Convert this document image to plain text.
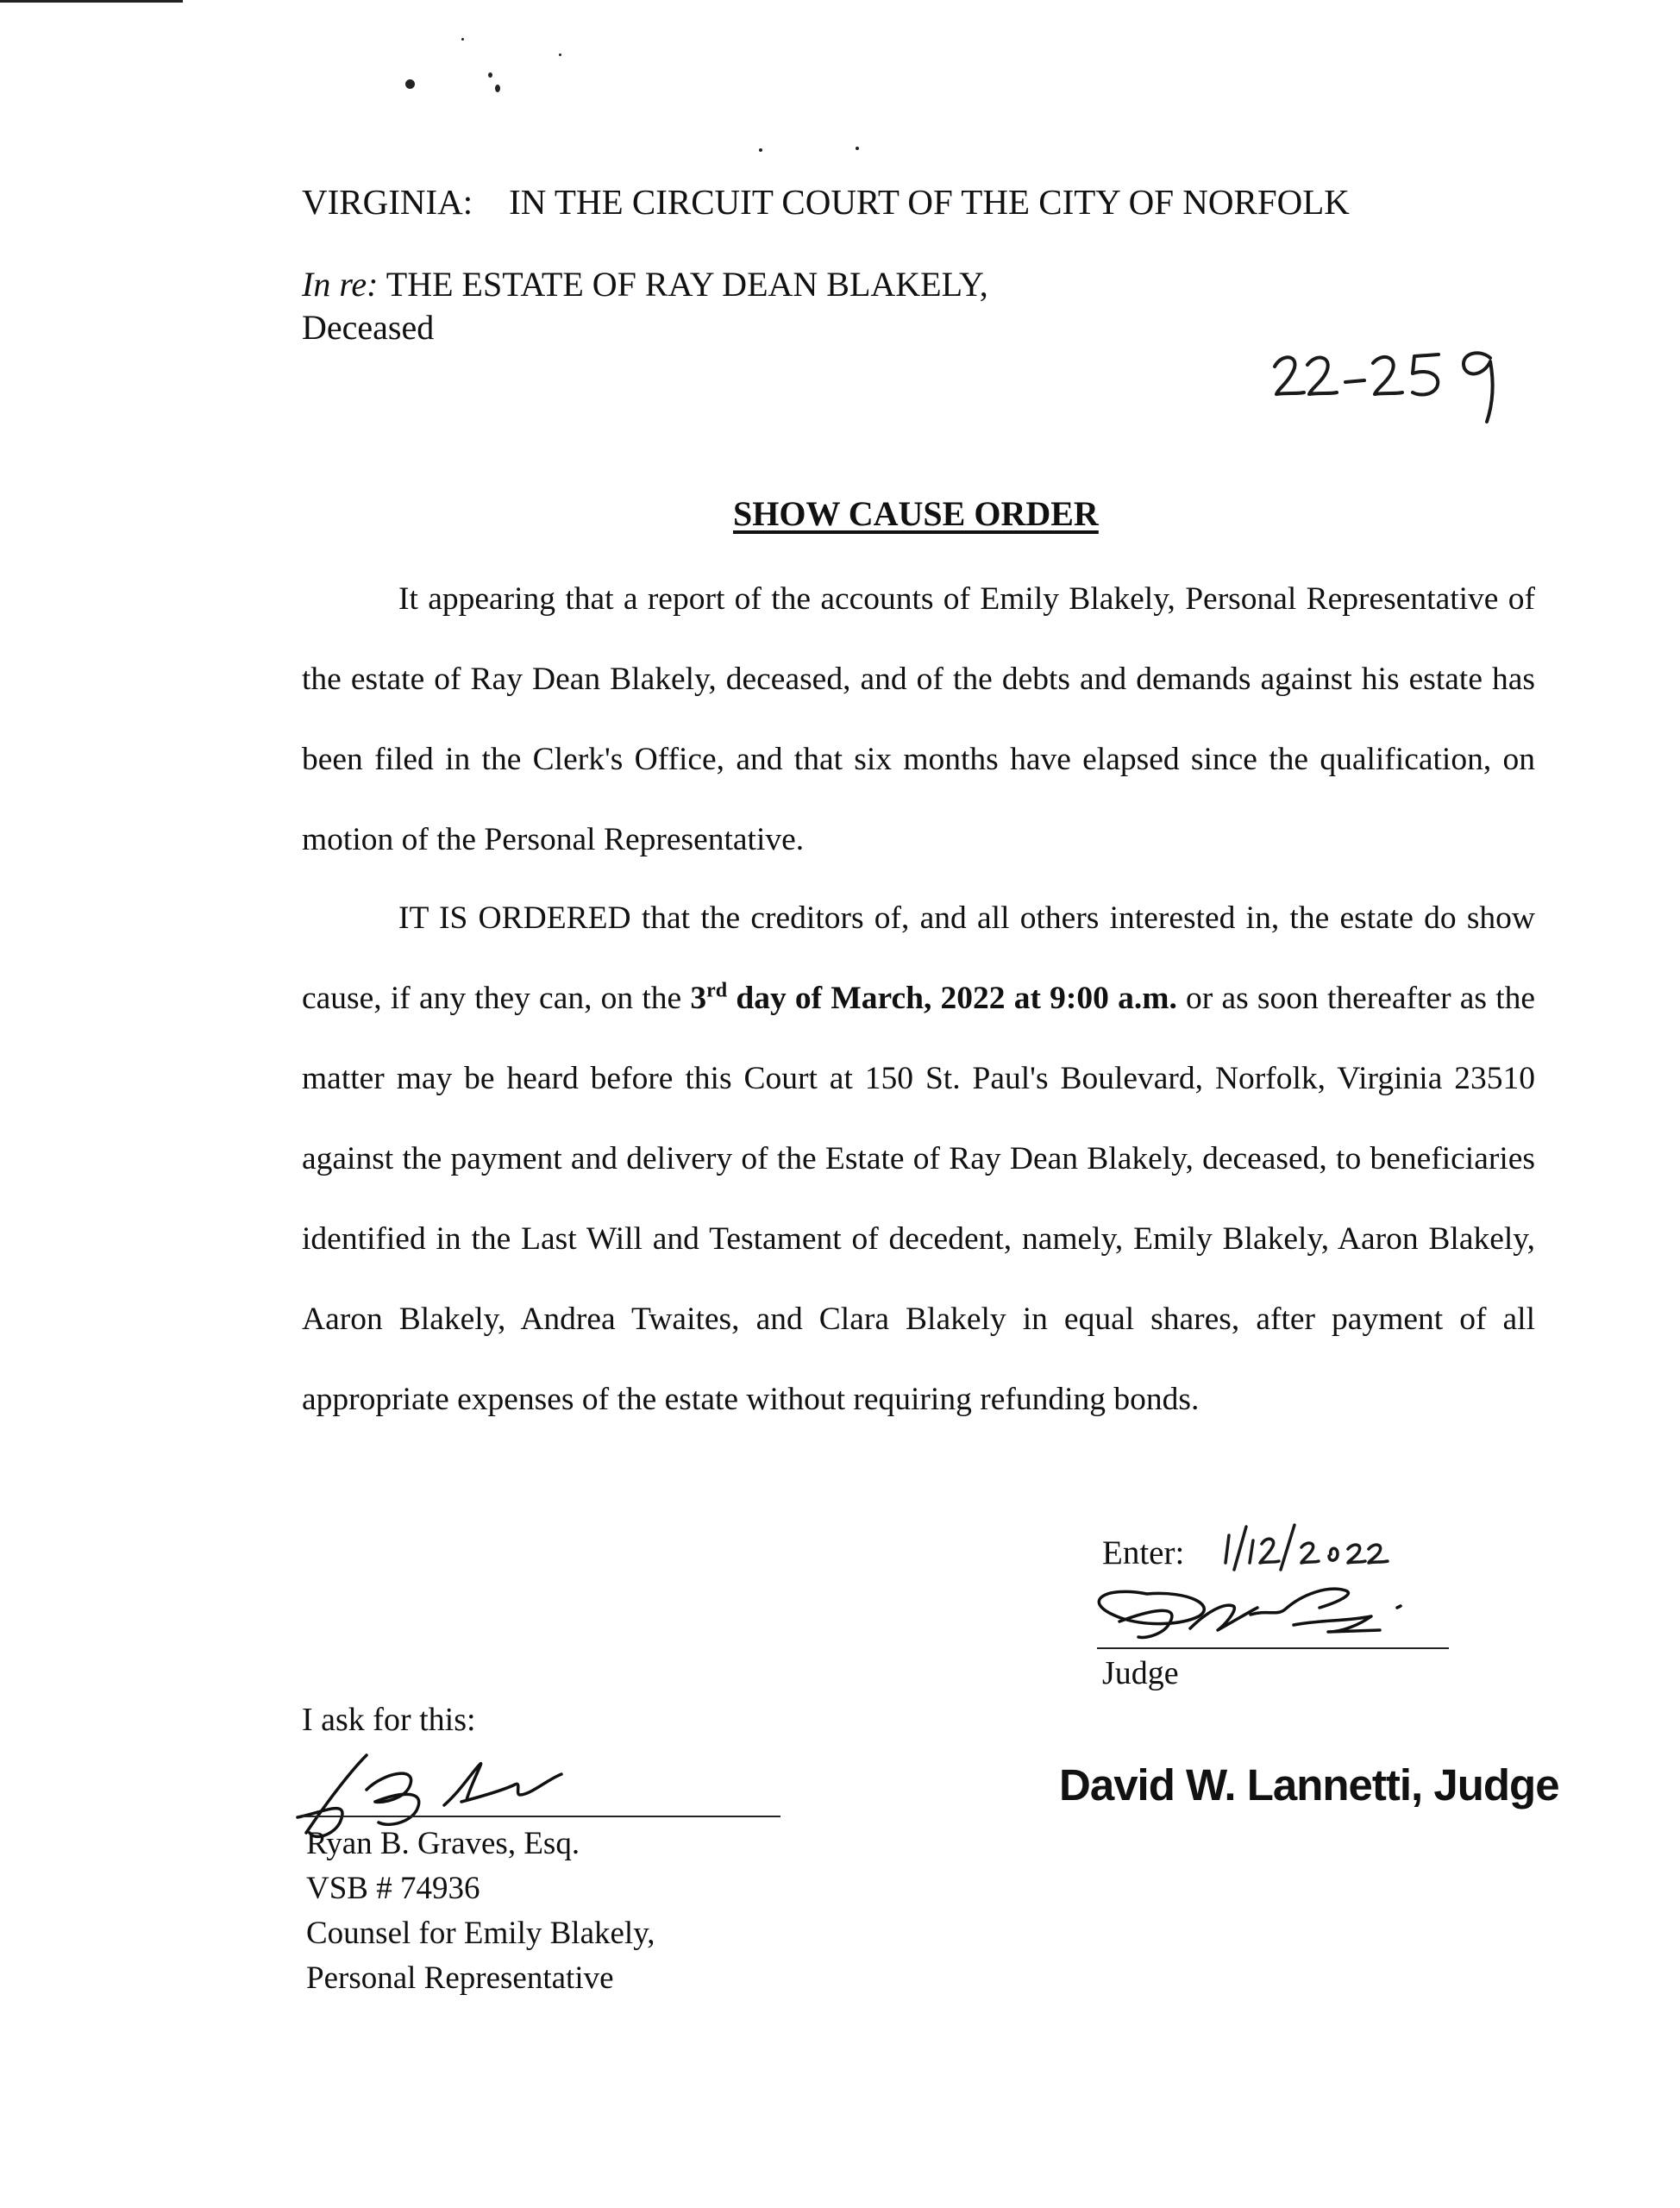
VIRGINIA: IN THE CIRCUIT COURT OF THE CITY OF NORFOLK
In re: THE ESTATE OF RAY DEAN BLAKELY,
Deceased
SHOW CAUSE ORDER
It appearing that a report of the accounts of Emily Blakely, Personal Representative of the estate of Ray Dean Blakely, deceased, and of the debts and demands against his estate has been filed in the Clerk's Office, and that six months have elapsed since the qualification, on motion of the Personal Representative.
IT IS ORDERED that the creditors of, and all others interested in, the estate do show cause, if any they can, on the 3rd day of March, 2022 at 9:00 a.m. or as soon thereafter as the matter may be heard before this Court at 150 St. Paul's Boulevard, Norfolk, Virginia 23510 against the payment and delivery of the Estate of Ray Dean Blakely, deceased, to beneficiaries identified in the Last Will and Testament of decedent, namely, Emily Blakely, Aaron Blakely, Aaron Blakely, Andrea Twaites, and Clara Blakely in equal shares, after payment of all appropriate expenses of the estate without requiring refunding bonds.
Enter:
Judge
David W. Lannetti, Judge
I ask for this:
Ryan B. Graves, Esq.
VSB # 74936
Counsel for Emily Blakely,
Personal Representative
